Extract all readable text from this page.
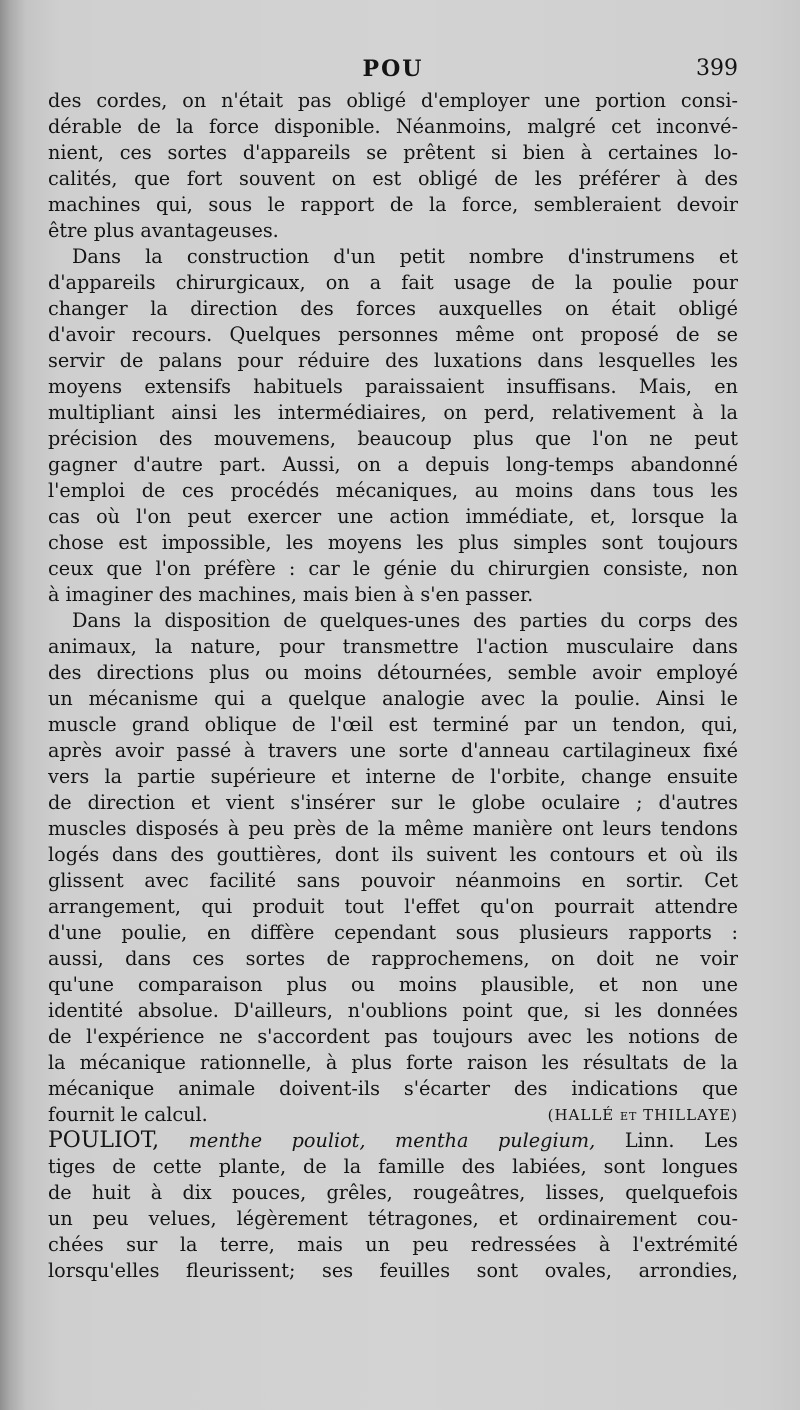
POU	399
des cordes, on n'était pas obligé d'employer une portion consi-
dérable de la force disponible. Néanmoins, malgré cet inconvé-
nient, ces sortes d'appareils se prêtent si bien à certaines lo-
calités, que fort souvent on est obligé de les préférer à des
machines qui, sous le rapport de la force, sembleraient devoir
être plus avantageuses.
Dans la construction d'un petit nombre d'instrumens et
d'appareils chirurgicaux, on a fait usage de la poulie pour
changer la direction des forces auxquelles on était obligé
d'avoir recours. Quelques personnes même ont proposé de se
servir de palans pour réduire des luxations dans lesquelles les
moyens extensifs habituels paraissaient insuffisans. Mais, en
multipliant ainsi les intermédiaires, on perd, relativement à la
précision des mouvemens, beaucoup plus que l'on ne peut
gagner d'autre part. Aussi, on a depuis long-temps abandonné
l'emploi de ces procédés mécaniques, au moins dans tous les
cas où l'on peut exercer une action immédiate, et, lorsque la
chose est impossible, les moyens les plus simples sont toujours
ceux que l'on préfère : car le génie du chirurgien consiste, non
à imaginer des machines, mais bien à s'en passer.
Dans la disposition de quelques-unes des parties du corps des
animaux, la nature, pour transmettre l'action musculaire dans
des directions plus ou moins détournées, semble avoir employé
un mécanisme qui a quelque analogie avec la poulie. Ainsi le
muscle grand oblique de l'œil est terminé par un tendon, qui,
après avoir passé à travers une sorte d'anneau cartilagineux fixé
vers la partie supérieure et interne de l'orbite, change ensuite
de direction et vient s'insérer sur le globe oculaire ; d'autres
muscles disposés à peu près de la même manière ont leurs tendons
logés dans des gouttières, dont ils suivent les contours et où ils
glissent avec facilité sans pouvoir néanmoins en sortir. Cet
arrangement, qui produit tout l'effet qu'on pourrait attendre
d'une poulie, en diffère cependant sous plusieurs rapports :
aussi, dans ces sortes de rapprochemens, on doit ne voir
qu'une comparaison plus ou moins plausible, et non une
identité absolue. D'ailleurs, n'oublions point que, si les données
de l'expérience ne s'accordent pas toujours avec les notions de
la mécanique rationnelle, à plus forte raison les résultats de la
mécanique animale doivent-ils s'écarter des indications que
fournit le calcul.	(HALLÉ et THILLAYE)
POULIOT, menthe pouliot, mentha pulegium, Linn. Les
tiges de cette plante, de la famille des labiées, sont longues
de huit à dix pouces, grêles, rougeâtres, lisses, quelquefois
un peu velues, légèrement tétragones, et ordinairement cou-
chées sur la terre, mais un peu redressées à l'extrémité
lorsqu'elles fleurissent; ses feuilles sont ovales, arrondies,
